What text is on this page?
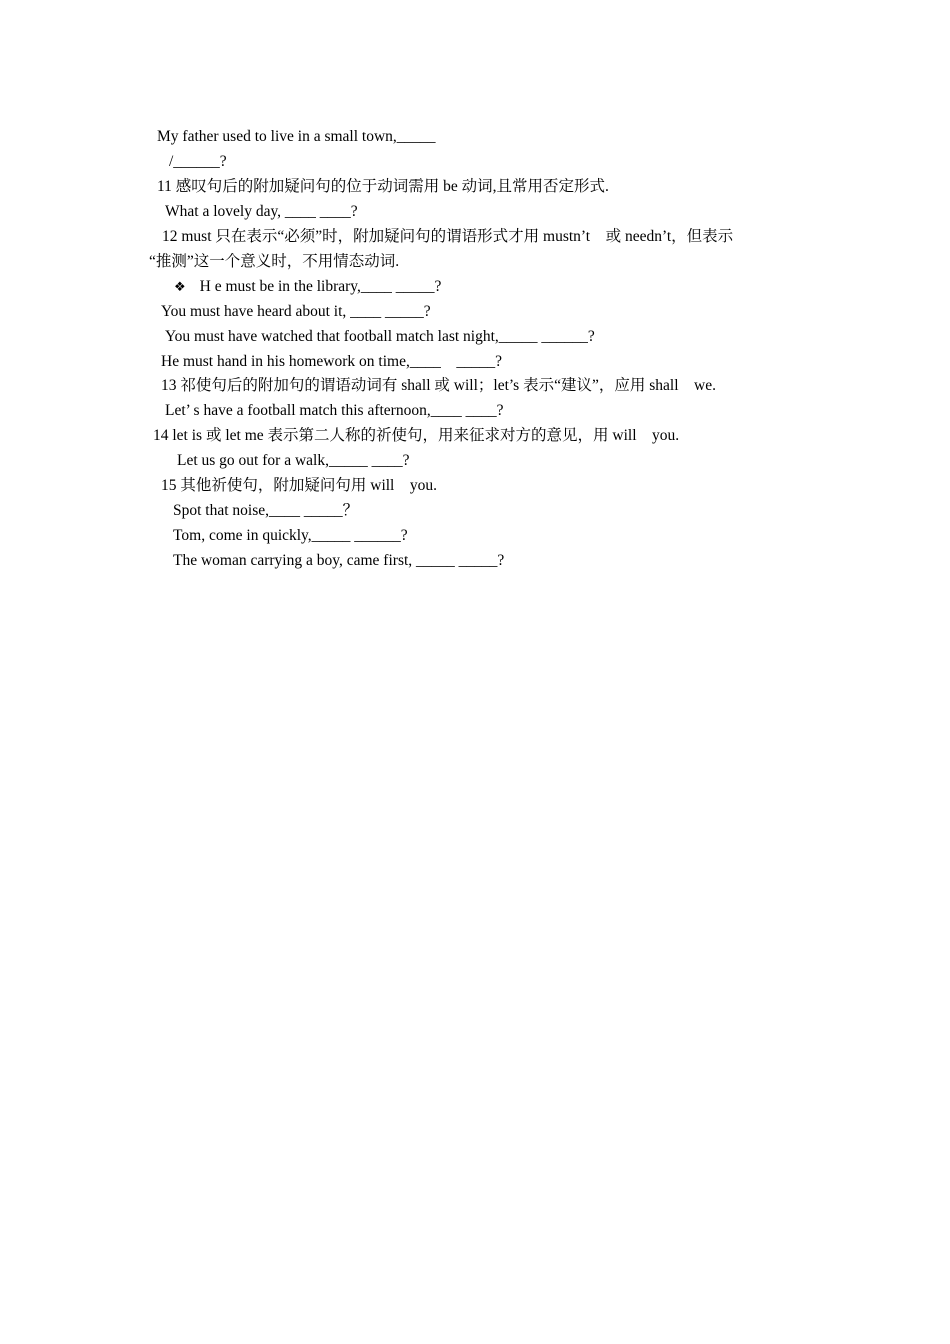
My father used to live in a small town,_____
/______?
11 感叹句后的附加疑问句的位于动词需用 be 动词,且常用否定形式.
What a lovely day, ____ ____?
12 must 只在表示“必须”时，附加疑问句的谓语形式才用 mustn’t    或 needn’t，但表示
“推测”这一个意义时，不用情态动词.
❖ H e must be in the library,____ _____?
You must have heard about it, ____ _____?
You must have watched that football match last night,_____ ______?
He must hand in his homework on time,____    _____?
13 祁使句后的附加句的谓语动词有 shall 或 will；let’s 表示“建议”，应用 shall    we.
Let’ s have a football match this afternoon,____ ____?
14 let is 或 let me 表示第二人称的祈使句，用来征求对方的意见，用 will    you.
Let us go out for a walk,_____ ____?
15 其他祈使句，附加疑问句用 will    you.
Spot that noise,____ _____？
Tom, come in quickly,_____ ______?
The woman carrying a boy, came first, _____ _____?
